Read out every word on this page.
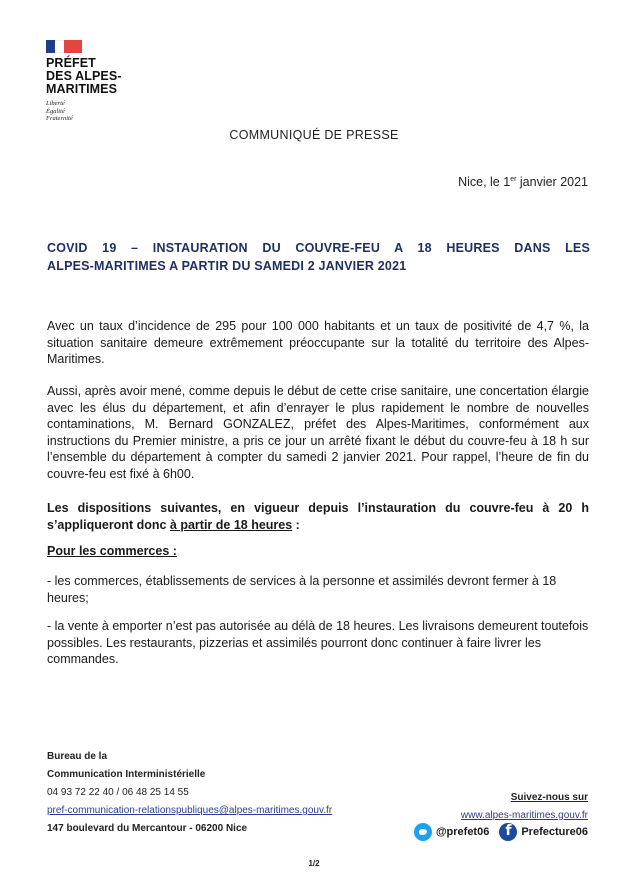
PRÉFET
DES ALPES-
MARITIMES
Liberté
Égalité
Fraternité
COMMUNIQUÉ DE PRESSE
Nice, le 1er janvier 2021
COVID 19 – INSTAURATION DU COUVRE-FEU A 18 HEURES DANS LES
ALPES-MARITIMES A PARTIR DU SAMEDI 2 JANVIER 2021
Avec un taux d’incidence de 295 pour 100 000 habitants et un taux de positivité de 4,7 %, la situation sanitaire demeure extrêmement préoccupante sur la totalité du territoire des Alpes-Maritimes.
Aussi, après avoir mené, comme depuis le début de cette crise sanitaire, une concertation élargie avec les élus du département, et afin d’enrayer le plus rapidement le nombre de nouvelles contaminations, M. Bernard GONZALEZ, préfet des Alpes-Maritimes, conformément aux instructions du Premier ministre, a pris ce jour un arrêté fixant le début du couvre-feu à 18 h sur l’ensemble du département à compter du samedi 2 janvier 2021. Pour rappel, l’heure de fin du couvre-feu est fixé à 6h00.
Les dispositions suivantes, en vigueur depuis l’instauration du couvre-feu à 20 h s’appliqueront donc à partir de 18 heures :
Pour les commerces :
- les commerces, établissements de services à la personne et assimilés devront fermer à 18 heures;
- la vente à emporter n’est pas autorisée au délà de 18 heures. Les livraisons demeurent toutefois possibles. Les restaurants, pizzerias et assimilés pourront donc continuer à faire livrer les commandes.
Bureau de la
Communication Interministérielle
04 93 72 22 40 / 06 48 25 14 55
pref-communication-relationspubliques@alpes-maritimes.gouv.fr
147 boulevard du Mercantour - 06200 Nice
Suivez-nous sur
www.alpes-maritimes.gouv.fr
@prefet06
f	Prefecture06
1/2
